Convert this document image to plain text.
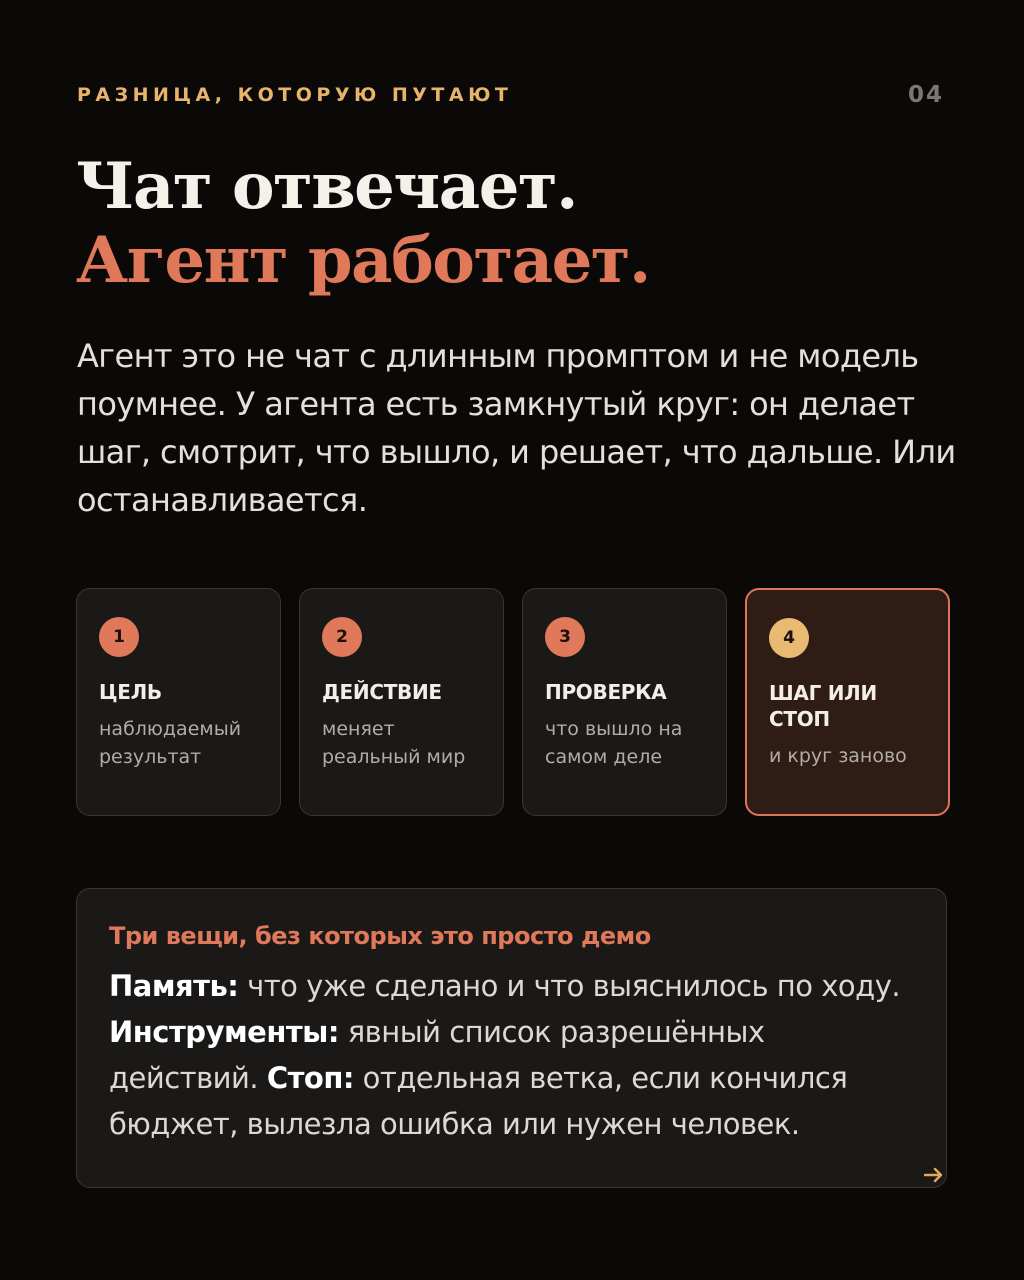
РАЗНИЦА, КОТОРУЮ ПУТАЮТ	04
Чат отвечает.
Агент работает.

Агент это не чат с длинным промптом и не модель поумнее. У агента есть замкнутый круг: он делает шаг, смотрит, что вышло, и решает, что дальше. Или останавливается.

1
ЦЕЛЬ
наблюдаемый результат
2
ДЕЙСТВИЕ
меняет реальный мир
3
ПРОВЕРКА
что вышло на самом деле
4
ШАГ ИЛИ СТОП
и круг заново
Три вещи, без которых это просто демо

Память: что уже сделано и что выяснилось по ходу. Инструменты: явный список разрешённых действий. Стоп: отдельная ветка, если кончился бюджет, вылезла ошибка или нужен человек.
